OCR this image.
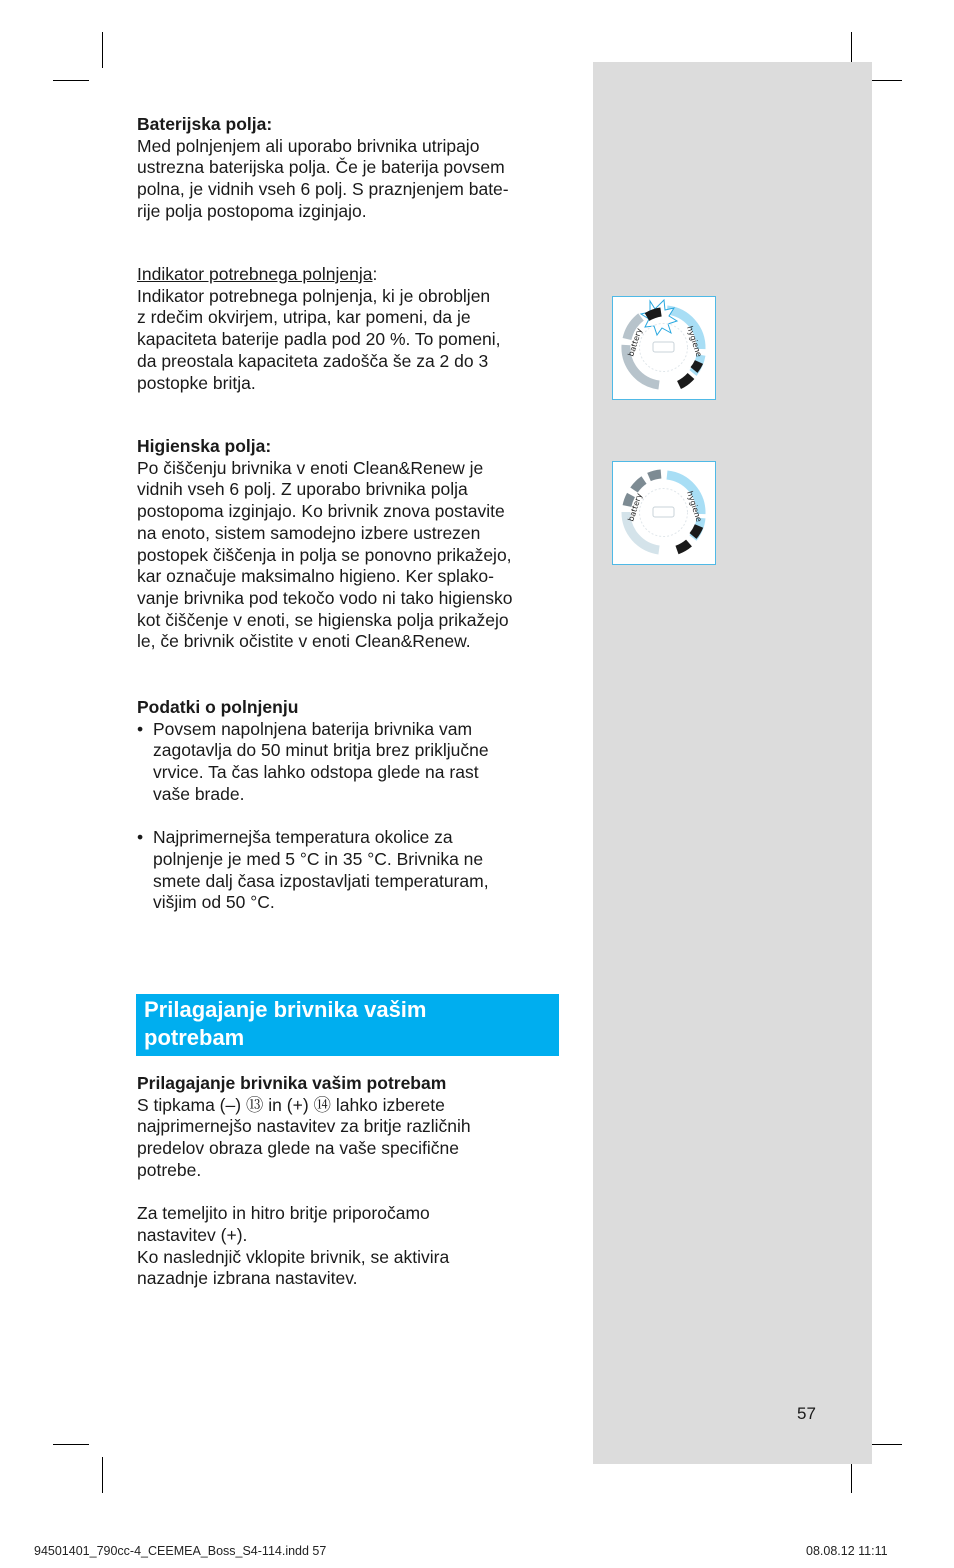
Baterijska polja:

Med polnjenjem ali uporabo brivnika utripajo

ustrezna baterijska polja. Če je baterija povsem

polna, je vidnih vseh 6 polj. S praznjenjem bate-

rije polja postopoma izginjajo.

Indikator potrebnega polnjenja:

Indikator potrebnega polnjenja, ki je obrobljen

z rdečim okvirjem, utripa, kar pomeni, da je

kapaciteta baterije padla pod 20 %. To pomeni,

da preostala kapaciteta zadošča še za 2 do 3

postopke britja.

Higienska polja:

Po čiščenju brivnika v enoti Clean&Renew je

vidnih vseh 6 polj. Z uporabo brivnika polja

postopoma izginjajo. Ko brivnik znova postavite

na enoto, sistem samodejno izbere ustrezen

postopek čiščenja in polja se ponovno prikažejo,

kar označuje maksimalno higieno. Ker splako-

vanje brivnika pod tekočo vodo ni tako higiensko

kot čiščenje v enoti, se higienska polja prikažejo

le, če brivnik očistite v enoti Clean&Renew.

Podatki o polnjenju

• Povsem napolnjena baterija brivnika vam

zagotavlja do 50 minut britja brez priključne

vrvice. Ta čas lahko odstopa glede na rast

vaše brade.

• Najprimernejša temperatura okolice za

polnjenje je med 5 °C in 35 °C. Brivnika ne

smete dalj časa izpostavljati temperaturam,

višjim od 50 °C.

Prilagajanje brivnika vašim
potrebam

Prilagajanje brivnika vašim potrebam

S tipkama (–) ⑬ in (+) ⑭ lahko izberete

najprimernejšo nastavitev za britje različnih

predelov obraza glede na vaše specifične

potrebe.

Za temeljito in hitro britje priporočamo

nastavitev (+).

Ko naslednjič vklopite brivnik, se aktivira

nazadnje izbrana nastavitev.

battery	hygiene
battery	hygiene
57
94501401_790cc-4_CEEMEA_Boss_S4-114.indd 57	08.08.12 11:11
